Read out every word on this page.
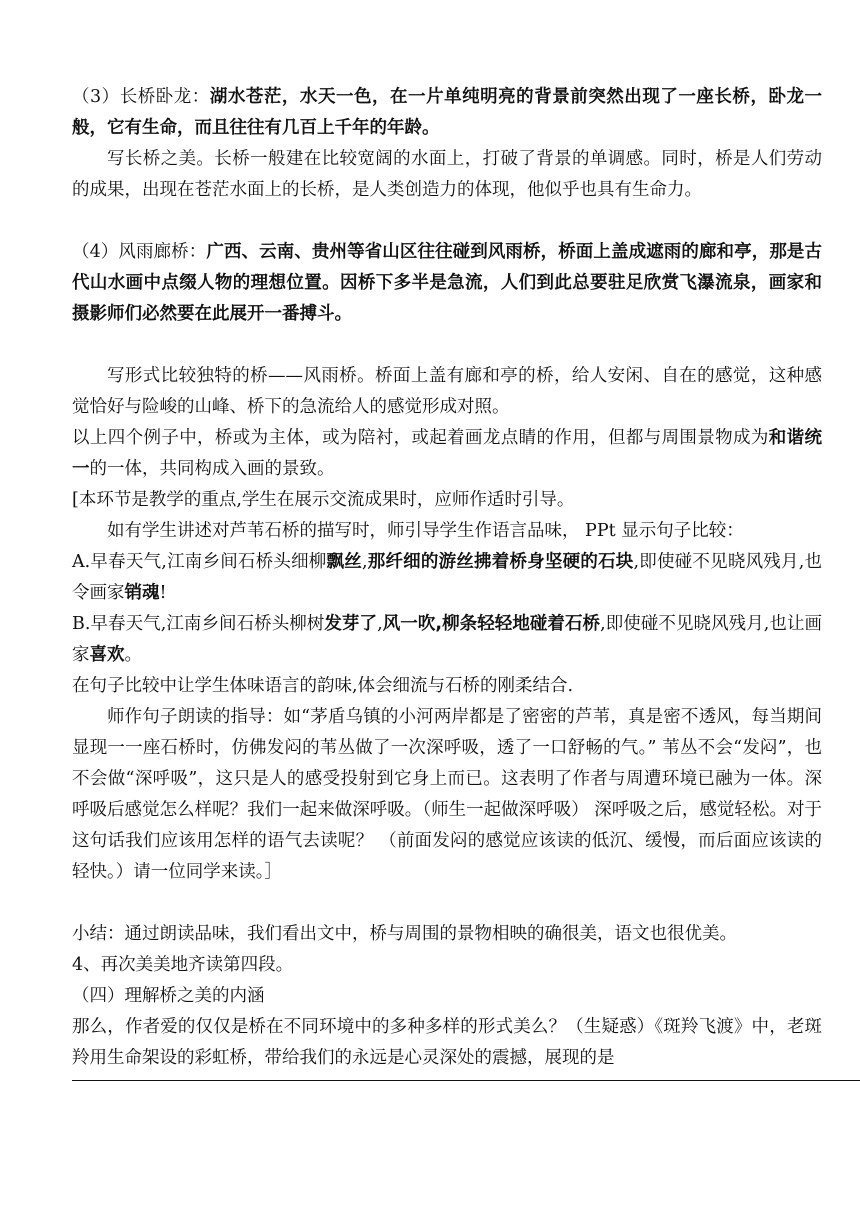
（3）长桥卧龙：湖水苍茫，水天一色，在一片单纯明亮的背景前突然出现了一座长桥，卧龙一般，它有生命，而且往往有几百上千年的年龄。

写长桥之美。长桥一般建在比较宽阔的水面上，打破了背景的单调感。同时，桥是人们劳动的成果，出现在苍茫水面上的长桥，是人类创造力的体现，他似乎也具有生命力。

（4）风雨廊桥：广西、云南、贵州等省山区往往碰到风雨桥，桥面上盖成遮雨的廊和亭，那是古代山水画中点缀人物的理想位置。因桥下多半是急流，人们到此总要驻足欣赏飞瀑流泉，画家和摄影师们必然要在此展开一番搏斗。

写形式比较独特的桥——风雨桥。桥面上盖有廊和亭的桥，给人安闲、自在的感觉，这种感觉恰好与险峻的山峰、桥下的急流给人的感觉形成对照。

以上四个例子中，桥或为主体，或为陪衬，或起着画龙点睛的作用，但都与周围景物成为和谐统一的一体，共同构成入画的景致。

[本环节是教学的重点,学生在展示交流成果时，应师作适时引导。

如有学生讲述对芦苇石桥的描写时，师引导学生作语言品味， PPt 显示句子比较：

A.早春天气,江南乡间石桥头细柳飘丝,那纤细的游丝拂着桥身坚硬的石块,即使碰不见晓风残月,也令画家销魂!

B.早春天气,江南乡间石桥头柳树发芽了,风一吹,柳条轻轻地碰着石桥,即使碰不见晓风残月,也让画家喜欢。

在句子比较中让学生体味语言的韵味,体会细流与石桥的刚柔结合.

师作句子朗读的指导：如“茅盾乌镇的小河两岸都是了密密的芦苇，真是密不透风，每当期间显现一一座石桥时，仿佛发闷的苇丛做了一次深呼吸，透了一口舒畅的气。” 苇丛不会“发闷”，也不会做“深呼吸”，这只是人的感受投射到它身上而已。这表明了作者与周遭环境已融为一体。深呼吸后感觉怎么样呢？我们一起来做深呼吸。（师生一起做深呼吸） 深呼吸之后，感觉轻松。对于这句话我们应该用怎样的语气去读呢？ （前面发闷的感觉应该读的低沉、缓慢，而后面应该读的轻快。）请一位同学来读。］

小结：通过朗读品味，我们看出文中，桥与周围的景物相映的确很美，语文也很优美。

4、再次美美地齐读第四段。

（四）理解桥之美的内涵

那么，作者爱的仅仅是桥在不同环境中的多种多样的形式美么？（生疑惑）《斑羚飞渡》中，老斑羚用生命架设的彩虹桥，带给我们的永远是心灵深处的震撼，展现的是
